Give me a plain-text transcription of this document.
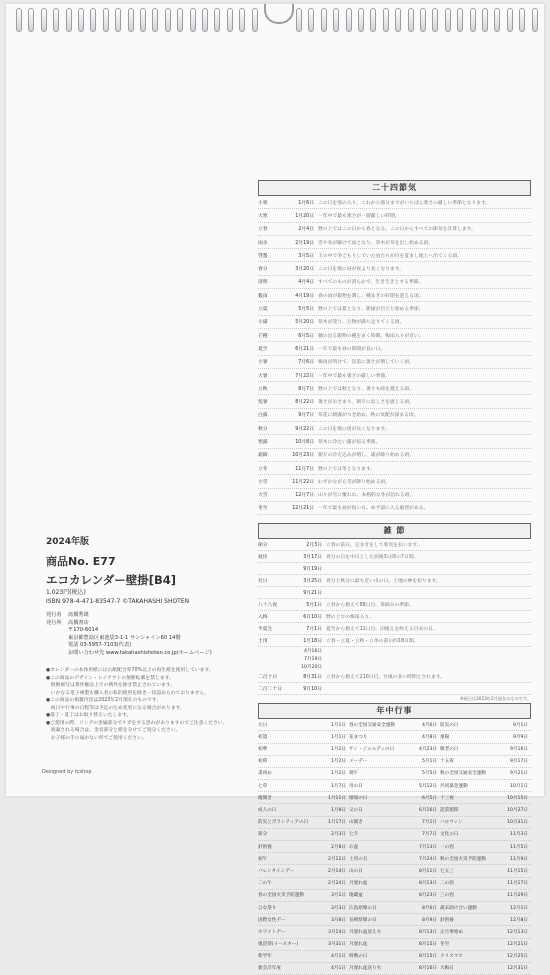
二十四節気
小寒	1月6日 この日を寒の入り。これから節分までがいちばん寒さの厳しい季節となります。
大寒	1月20日 一年中で最も寒さが一層厳しい時期。
立春	2月4日 暦の上ではこの日から春となる。この日からすべての節気を計算します。
雨水	2月19日 雪や氷が解けて雨となり、草木が芽を出し始める頃。
啓蟄	3月5日 土の中で冬ごもりしていた虫たちが目を覚まし地上へ出てくる頃。
春分	3月20日 この日を境に昼が夜より長くなります。
清明	4月4日 すべてのものが清らかで、生き生きとする季節。
穀雨	4月19日 春の雨が穀物を潤し、種まきの好期を迎える頃。
立夏	5月5日 暦の上では夏となり、新緑が目立ち始める季節。
小満	5月20日 草木が茂り、万物が満ち足りてくる頃。
芒種	6月5日 穂の出る穀物の種をまく時期。梅雨入りが近い。
夏至	6月21日 一年で最も昼の時間が長い日。
小暑	7月6日 梅雨が明けて、次第に暑さが増していく頃。
大暑	7月22日 一年中で最も暑さの厳しい季節。
立秋	8月7日 暦の上では秋となり、暑さも峠を越える頃。
処暑	8月22日 暑さがおさまり、朝夕に涼しさを感じる頃。
白露	9月7日 草花に朝露がつき始め、秋の気配が深まる頃。
秋分	9月22日 この日を境に夜が長くなります。
寒露	10月8日 草木に冷たい露が宿る季節。
霜降	10月23日 朝夕の冷え込みが増し、霜が降り始める頃。
立冬	11月7日 暦の上では冬となります。
小雪	11月22日 わずかながら雪が降り始める頃。
大雪	12月7日 山々が雪に覆われ、本格的な冬が訪れる頃。
冬至	12月21日 一年で最も昼が短い日。ゆず湯に入る風習がある。
雑 節
節分	2月3日 立春の前日。豆まきをして邪気を払います。
彼岸	3月17日 春分の日を中日とした前後3日間の7日間。
9月19日
社日	3月25日 春分と秋分に最も近い戊の日。土地の神を祀ります。
9月21日
八十八夜	5月1日 立春から数えて88日目。茶摘みの季節。
入梅	6月10日 暦の上での梅雨入り。
半夏生	7月1日 夏至から数えて11日目。田植えを終える目安の日。
土用	1月18日 立春・立夏・立秋・立冬の前の約18日間。
4月16日
7月19日
10月20日
二百十日	8月31日 立春から数えて210日目。台風の多い時期とされます。
二百二十日	9月10日
※祝日は2023年2月現在のものです。
年中行事
元日	1月1日 春の全国交通安全運動	4月6日 防災の日	9月1日
初詣	1月1日 花まつり	4月8日 重陽	9月9日
初夢	1月2日 サン・ジョルディの日	4月23日 敬老の日	9月16日
初荷	1月2日 メーデー	5月1日 十五夜	9月17日
書初め	1月2日 端午	5月5日 秋の全国交通安全運動	9月21日
七草	1月7日 母の日	5月12日 共同募金運動	10月1日
鏡開き	1月11日 環境の日	6月5日 十三夜	10月15日
成人の日	1月8日 父の日	6月16日 読書週間	10月27日
防災とボランティアの日	1月17日 山開き	7月1日 ハロウィン	10月31日
節分	2月3日 七夕	7月7日 文化の日	11月3日
針供養	2月8日 お盆	7月13日 一の酉	11月5日
初午	2月12日 土用の丑	7月24日 秋の全国火災予防運動	11月9日
バレンタインデー	2月14日 山の日	8月11日 七五三	11月15日
二の午	2月24日 月遅れ盆	8月13日 二の酉	11月17日
春の全国火災予防運動	3月1日 地蔵盆	8月23日 三の酉	11月29日
ひな祭り	3月3日 広島原爆の日	8月6日 歳末助け合い運動	12月1日
国際女性デー	3月8日 長崎原爆の日	8月9日 針供養	12月8日
ホワイトデー	3月14日 月遅れ盆迎え火	8月13日 正月事始め	12月13日
復活祭(イースター)	3月31日 月遅れ盆	8月15日 冬至	12月21日
新学年	4月1日 終戦の日	8月15日 クリスマス	12月25日
新会計年度	4月1日 月遅れ盆送り火	8月16日 大晦日	12月31日
2024年版
商品No. E77
エコカレンダー壁掛[B4]
1,023円(税込)
ISBN 978-4-471-83547-7 ©TAKAHASHI SHOTEN
発行者	髙橋秀雄
発行所	高橋書店
〒170-6014
東京都豊島区東池袋3-1-1 サンシャイン60 14階
電話 03-5957-7103(代表)
お問い合わせ先 www.takahashishoten.co.jp(ホームページ)
●カレンダーの本体用紙には古紙配合率70%以上の再生紙を使用しています。
●この商品のデザイン・レイアウトの無断転載を禁じます。
　無断複写は著作権法上での例外を除き禁止されています。
　いかなる電子複製も購入者の私的使用を除き一切認められておりません。
●この商品の掲載内容は2023年2月現在のものです。
　祝日や行事の日程等は予定のため変更になる場合があります。
●落丁・乱丁はお取り替えいたします。
●ご使用の際、リングの金属部分でケガをする恐れがありますのでご注意ください。
　廃棄される場合は、金具部分と紙を分けてご処分ください。
　お子様の手の届かない所でご使用ください。
Designed by tcshop
